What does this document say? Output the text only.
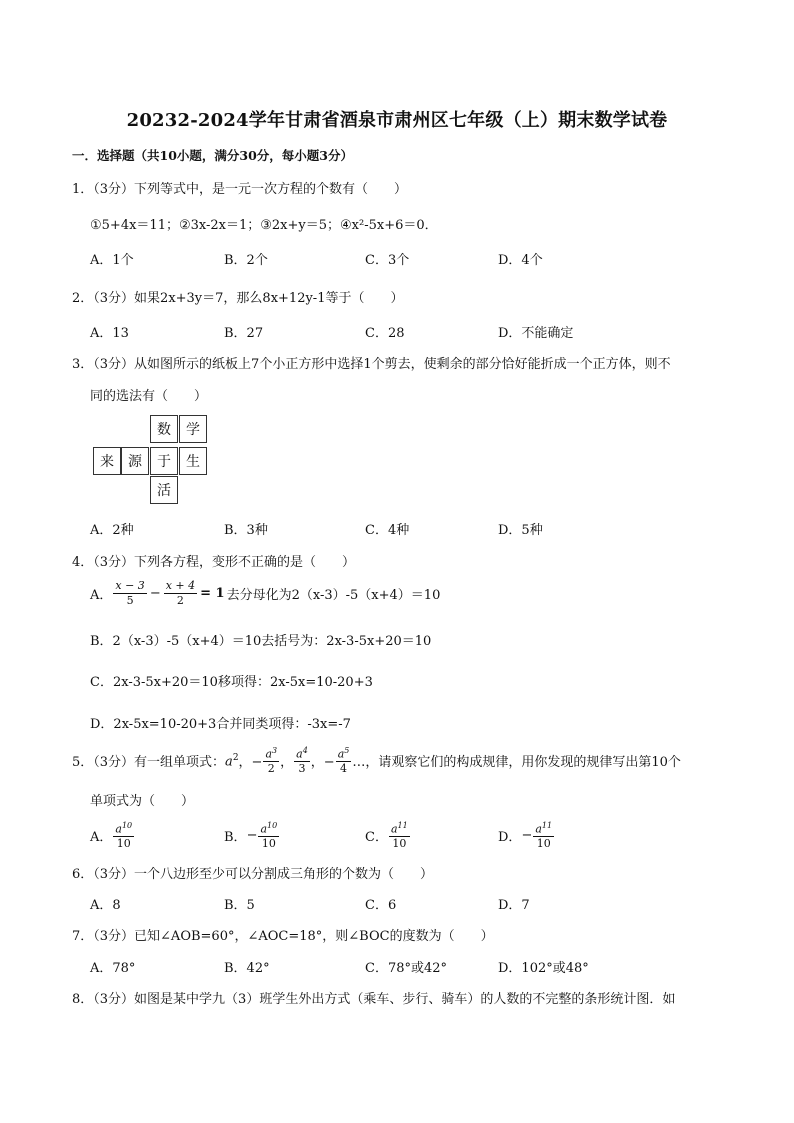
20232-2024学年甘肃省酒泉市肃州区七年级（上）期末数学试卷
一．选择题（共10小题，满分30分，每小题3分）
1．（3分）下列等式中，是一元一次方程的个数有（　　）
①5+4x＝11；②3x-2x＝1；③2x+y＝5；④x²-5x+6＝0．
A．1个	B．2个	C．3个	D．4个
2．（3分）如果2x+3y＝7，那么8x+12y-1等于（　　）
A．13	B．27	C．28	D．不能确定
3．（3分）从如图所示的纸板上7个小正方形中选择1个剪去，使剩余的部分恰好能折成一个正方体，则不
同的选法有（　　）
数	学
来	源	于	生
活
A．2种	B．3种	C．4种	D．5种
4．（3分）下列各方程，变形不正确的是（　　）
A． $\frac{x - 3}{5} - \frac{x + 4}{2} = 1$ 去分母化为2（x-3）-5（x+4）＝10
B．2（x-3）-5（x+4）＝10去括号为：2x-3-5x+20＝10
C．2x-3-5x+20＝10移项得：2x-5x=10-20+3
D．2x-5x=10-20+3合并同类项得：-3x=-7
5．（3分）有一组单项式： $a^2$ ，− $\frac{a^3}{2}$ ， $\frac{a^4}{3}$ ，− $\frac{a^5}{4}$ …，请观察它们的构成规律，用你发现的规律写出第10个
单项式为（　　）
A． $\frac{a^{10}}{10}$	B． − $\frac{a^{10}}{10}$	C． $\frac{a^{11}}{10}$	D． − $\frac{a^{11}}{10}$
6．（3分）一个八边形至少可以分割成三角形的个数为（　　）
A．8	B．5	C．6	D．7
7．（3分）已知∠AOB=60°，∠AOC=18°，则∠BOC的度数为（　　）
A．78°	B．42°	C．78°或42°	D．102°或48°
8．（3分）如图是某中学九（3）班学生外出方式（乘车、步行、骑车）的人数的不完整的条形统计图．如
